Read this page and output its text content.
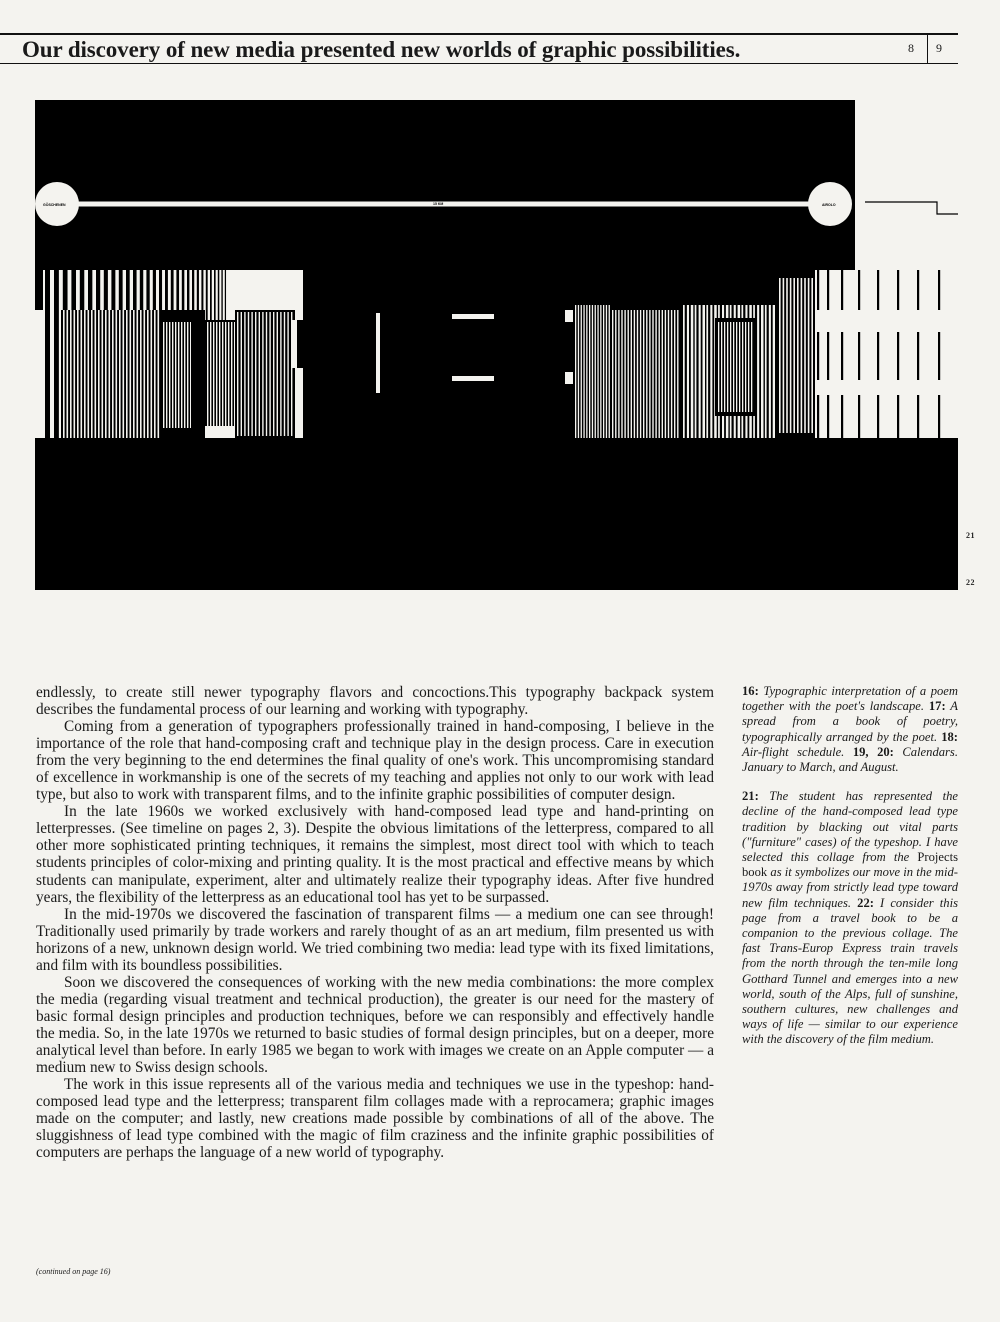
Our discovery of new media presented new worlds of graphic possibilities.	8 9
GÖSCHENEN	AIROLO
15 KM
21
22

endlessly, to create still newer typography flavors and concoctions.This typography backpack system describes the fundamental process of our learning and working with typography.

Coming from a generation of typographers professionally trained in hand-composing, I believe in the importance of the role that hand-composing craft and technique play in the design process. Care in execution from the very beginning to the end determines the final quality of one's work. This uncompromising standard of excellence in workmanship is one of the secrets of my teaching and applies not only to our work with lead type, but also to work with transparent films, and to the infinite graphic possibilities of computer design.

In the late 1960s we worked exclusively with hand-composed lead type and hand-printing on letterpresses. (See timeline on pages 2, 3). Despite the obvious limitations of the letterpress, compared to all other more sophisticated printing techniques, it remains the simplest, most direct tool with which to teach students principles of color-mixing and printing quality. It is the most practical and effective means by which students can manipulate, experiment, alter and ultimately realize their typography ideas. After five hundred years, the flexibility of the letterpress as an educational tool has yet to be surpassed.

In the mid-1970s we discovered the fascination of transparent films — a medium one can see through! Traditionally used primarily by trade workers and rarely thought of as an art medium, film presented us with horizons of a new, unknown design world. We tried combining two media: lead type with its fixed limitations, and film with its boundless possibilities.

Soon we discovered the consequences of working with the new media combinations: the more complex the media (regarding visual treatment and technical production), the greater is our need for the mastery of basic formal design principles and production techniques, before we can responsibly and effectively handle the media. So, in the late 1970s we returned to basic studies of formal design principles, but on a deeper, more analytical level than before. In early 1985 we began to work with images we create on an Apple computer — a medium new to Swiss design schools.

The work in this issue represents all of the various media and techniques we use in the typeshop: hand-composed lead type and the letterpress; transparent film collages made with a reprocamera; graphic images made on the computer; and lastly, new creations made possible by combinations of all of the above. The sluggishness of lead type combined with the magic of film craziness and the infinite graphic possibilities of computers are perhaps the language of a new world of typography.

(continued on page 16)

16: Typographic interpretation of a poem together with the poet's landscape. 17: A spread from a book of poetry, typographically arranged by the poet. 18: Air-flight schedule. 19, 20: Calendars. January to March, and August.

21: The student has represented the decline of the hand-composed lead type tradition by blacking out vital parts ("furniture" cases) of the typeshop. I have selected this collage from the Projects book as it symbolizes our move in the mid-1970s away from strictly lead type toward new film techniques. 22: I consider this page from a travel book to be a companion to the previous collage. The fast Trans-Europ Express train travels from the north through the ten-mile long Gotthard Tunnel and emerges into a new world, south of the Alps, full of sunshine, southern cultures, new challenges and ways of life — similar to our experience with the discovery of the film medium.
